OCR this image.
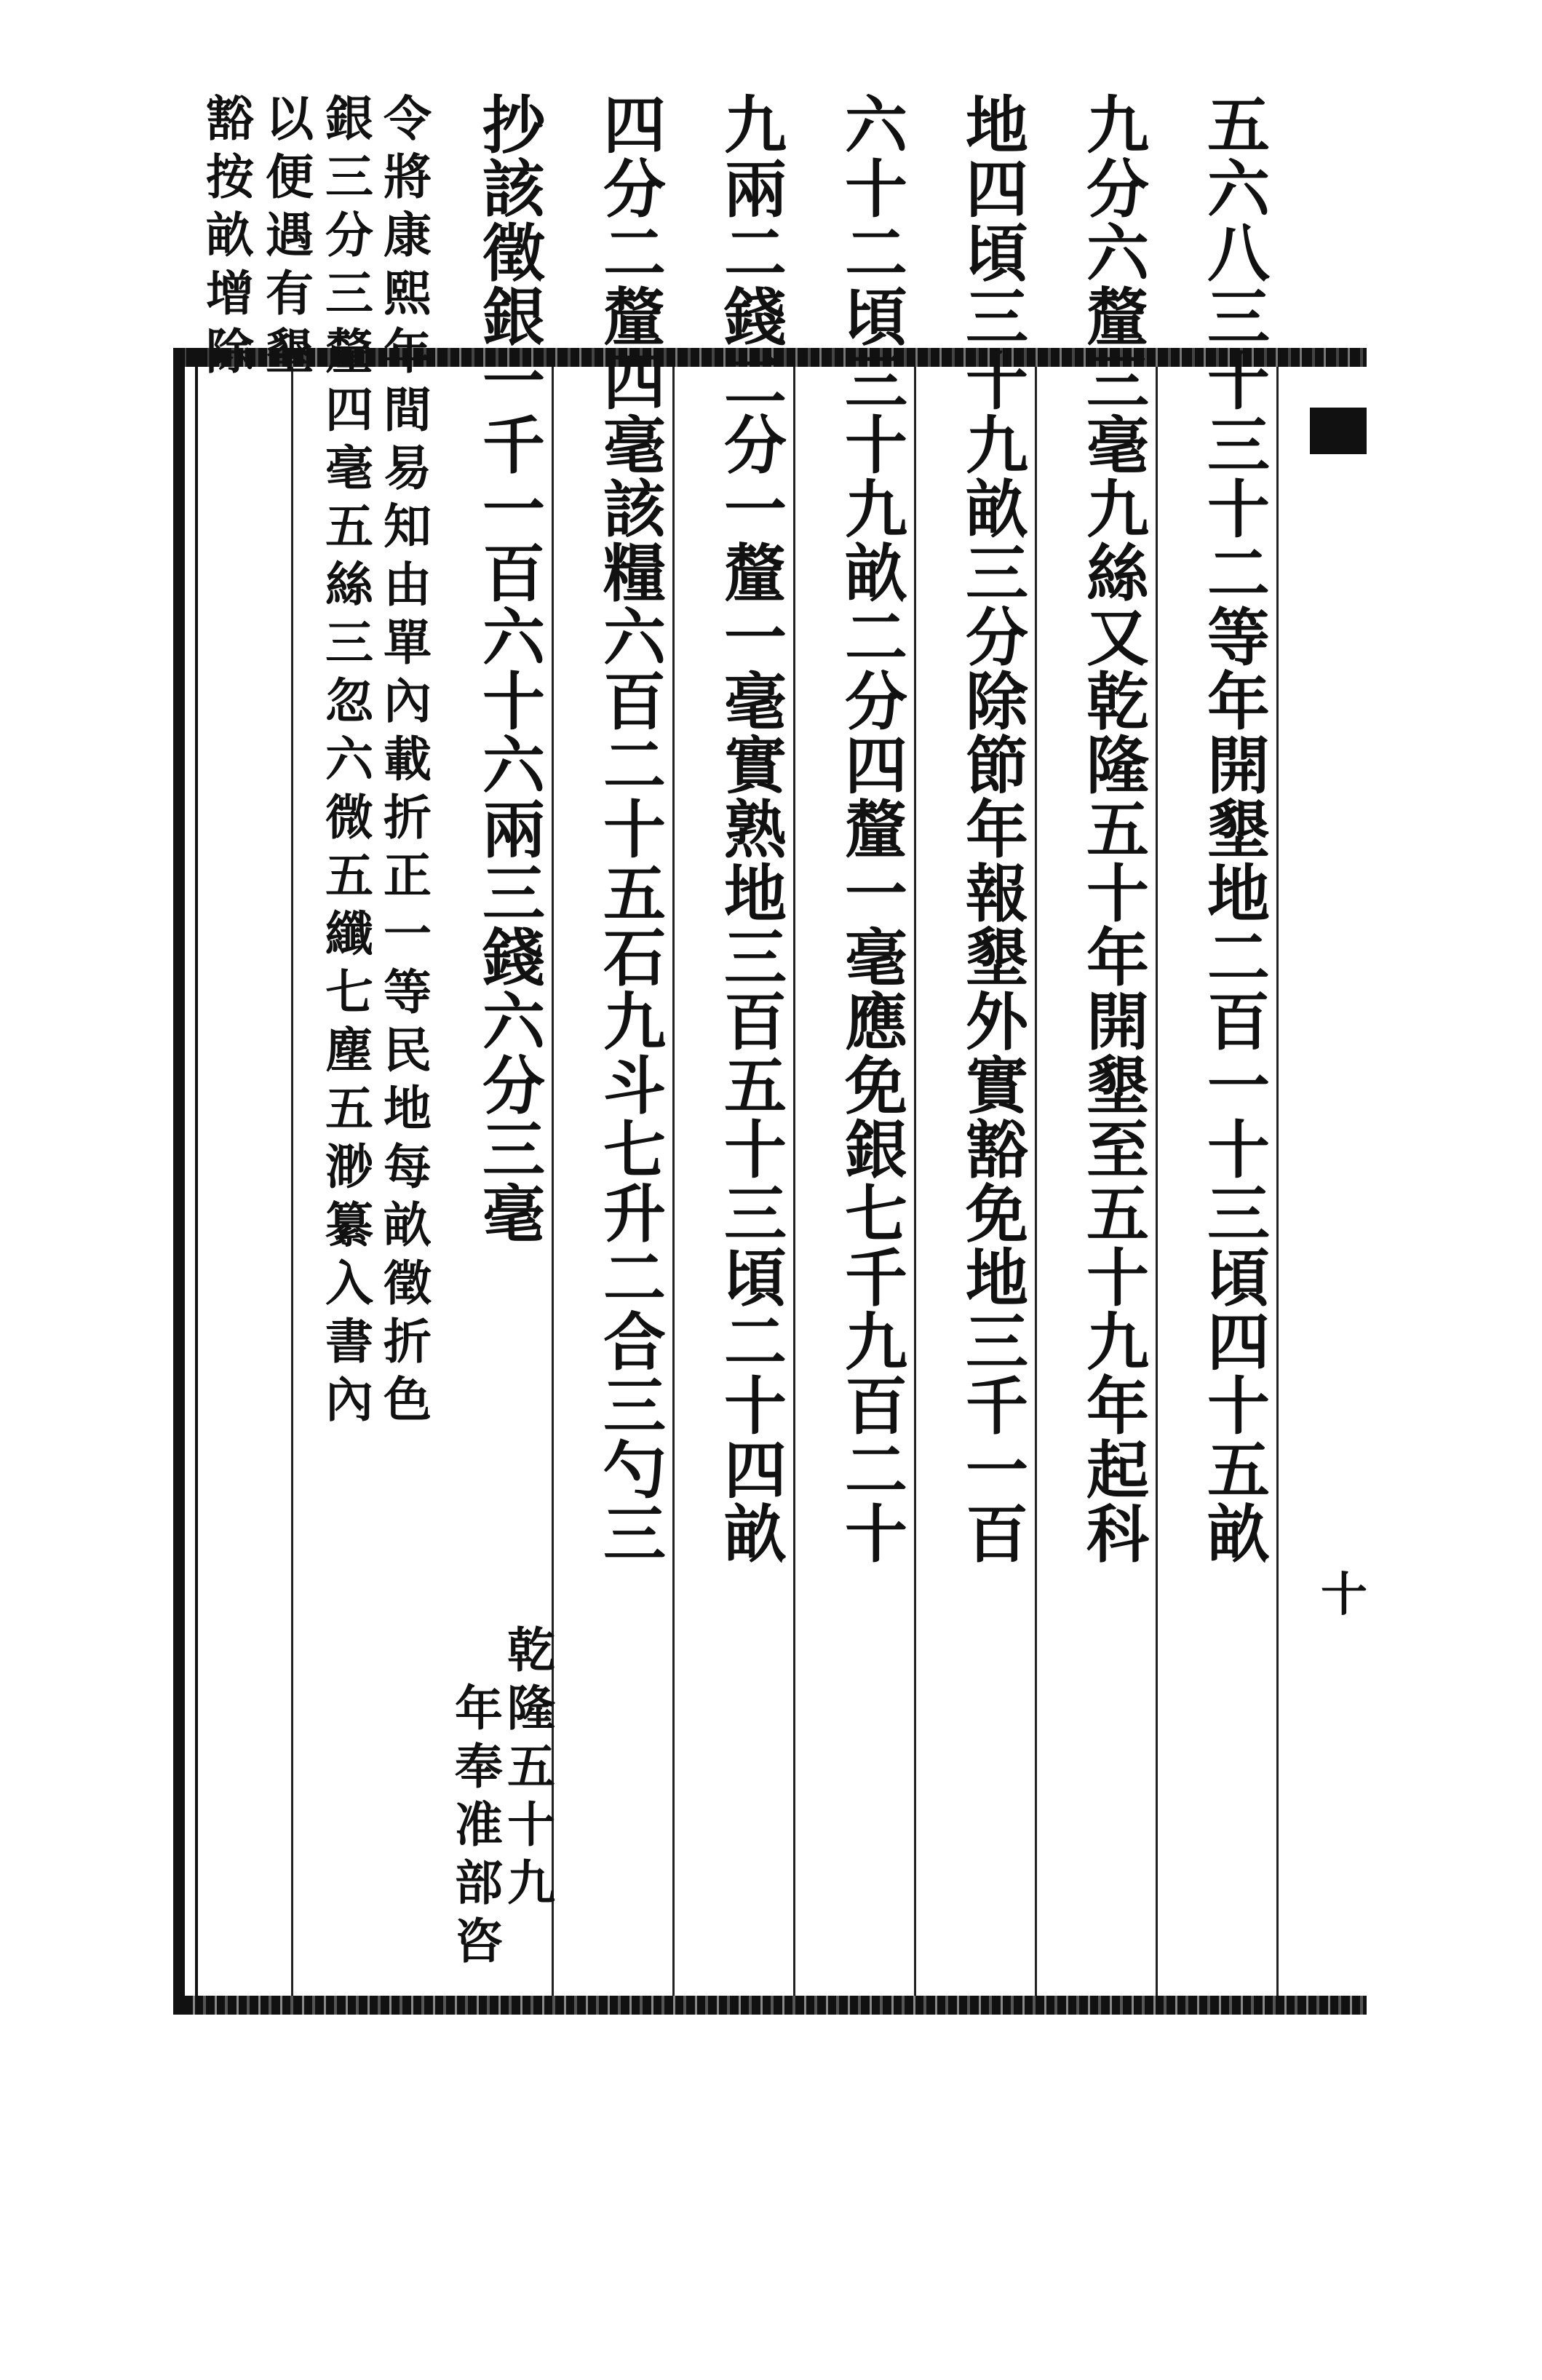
十
五
六
八
三
十
三
十
二
等
年
開
墾
地
二
百
一
十
三
頃
四
十
五
畝
九
分
六
釐
三
毫
九
絲
又
乾
隆
五
十
年
開
墾
至
五
十
九
年
起
科
地
四
頃
三
十
九
畝
三
分
除
節
年
報
墾
外
實
豁
免
地
三
千
一
百
六
十
二
頃
三
十
九
畝
二
分
四
釐
一
毫
應
免
銀
七
千
九
百
二
十
九
兩
二
錢
二
分
一
釐
一
毫
實
熟
地
三
百
五
十
三
頃
二
十
四
畝
四
分
二
釐
四
毫
該
糧
六
百
二
十
五
石
九
斗
七
升
二
合
三
勺
三
抄
該
徵
銀
一
千
一
百
六
十
六
兩
三
錢
六
分
三
毫
乾
隆
五
十
九
年
奉
准
部
咨
令
將
康
熙
年
間
易
知
由
單
內
載
折
正
一
等
民
地
每
畝
徵
折
色
銀
三
分
三
釐
四
毫
五
絲
三
忽
六
微
五
纖
七
塵
五
渺
纂
入
書
內
以
便
遇
有
墾
豁
按
畝
增
除
